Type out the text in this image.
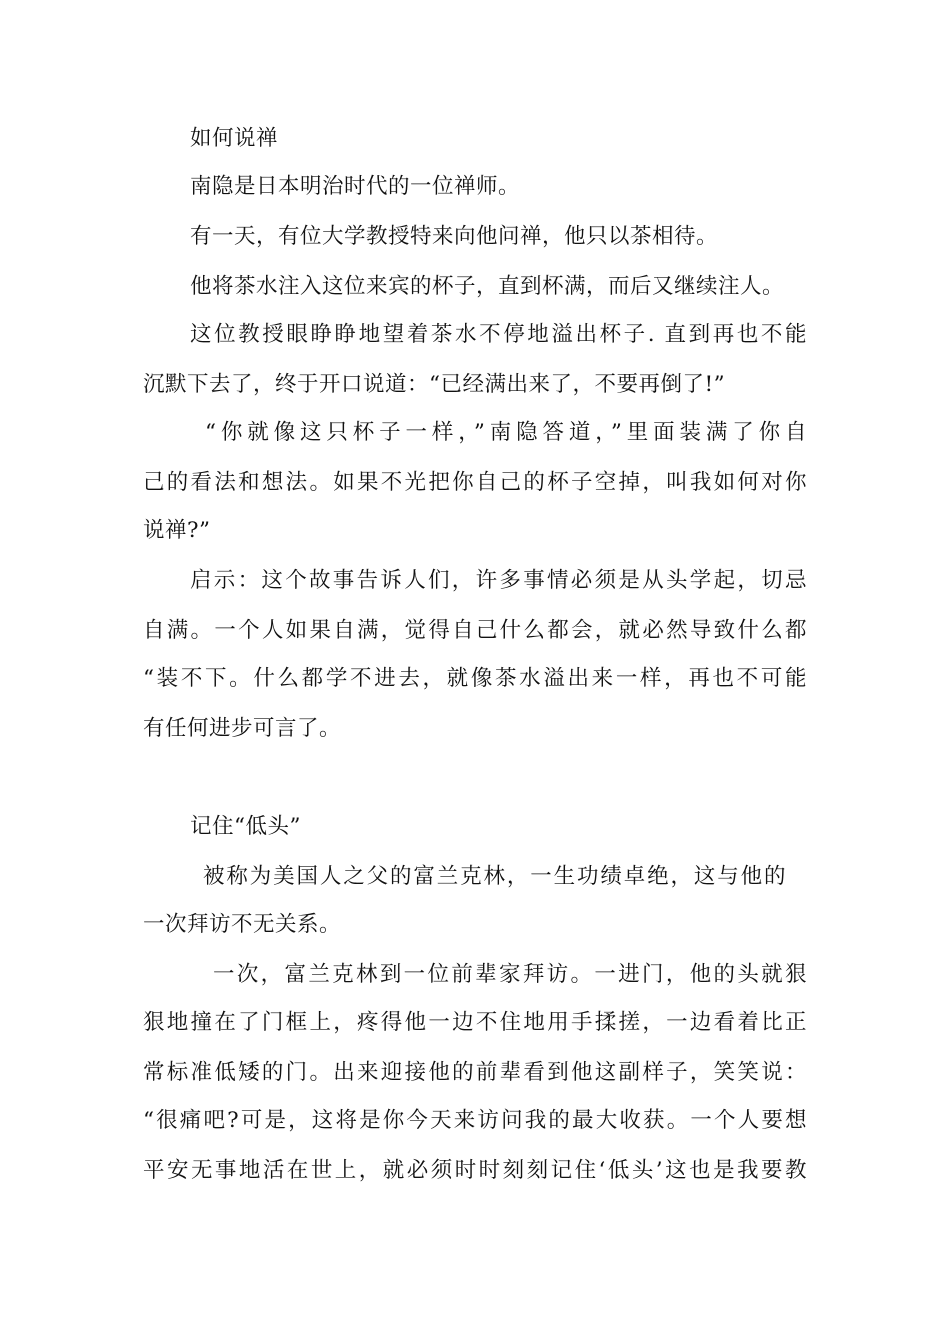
如何说禅
南隐是日本明治时代的一位禅师。
有一天，有位大学教授特来向他问禅，他只以茶相待。
他将茶水注入这位来宾的杯子，直到杯满，而后又继续注人。
这位教授眼睁睁地望着茶水不停地溢出杯子. 直到再也不能
沉默下去了，终于开口说道：“已经满出来了，不要再倒了!”
“你就像这只杯子一样，”南隐答道，”里面装满了你自
己的看法和想法。如果不光把你自己的杯子空掉，叫我如何对你
说禅?”
启示：这个故事告诉人们，许多事情必须是从头学起，切忌
自满。一个人如果自满，觉得自己什么都会，就必然导致什么都
“装不下。什么都学不进去，就像茶水溢出来一样，再也不可能
有任何进步可言了。
记住“低头”
被称为美国人之父的富兰克林，一生功绩卓绝，这与他的
一次拜访不无关系。
一次，富兰克林到一位前辈家拜访。一进门，他的头就狠
狠地撞在了门框上，疼得他一边不住地用手揉搓，一边看着比正
常标准低矮的门。出来迎接他的前辈看到他这副样子，笑笑说：
“很痛吧?可是，这将是你今天来访问我的最大收获。一个人要想
平安无事地活在世上，就必须时时刻刻记住‘低头’这也是我要教
